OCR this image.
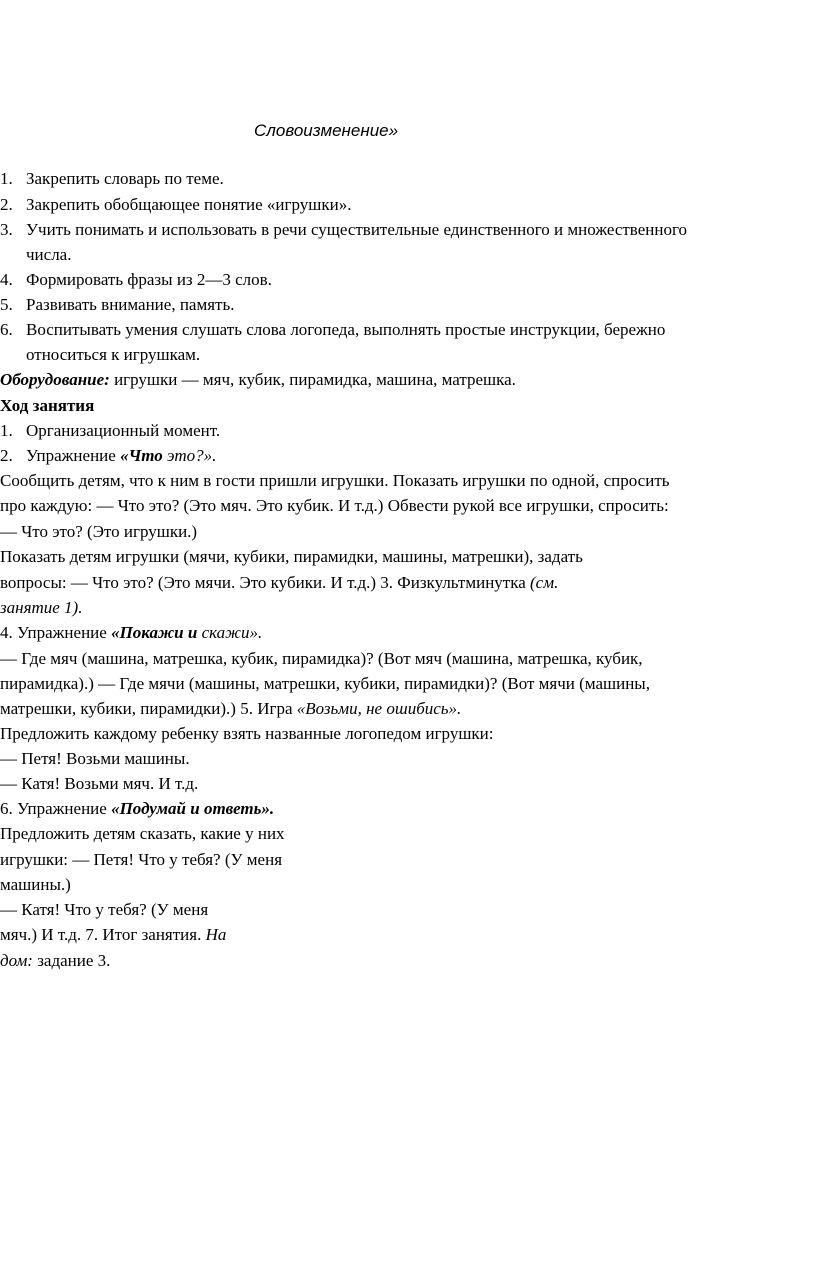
Словоизменение»
1. Закрепить словарь по теме.
2. Закрепить обобщающее понятие «игрушки».
3. Учить понимать и использовать в речи существительные единственного и множественного
числа.
4. Формировать фразы из 2—3 слов.
5. Развивать внимание, память.
6. Воспитывать умения слушать слова логопеда, выполнять простые инструкции, бережно
относиться к игрушкам.
Оборудование: игрушки — мяч, кубик, пирамидка, машина, матрешка.
Ход занятия
1. Организационный момент.
2. Упражнение «Что это?».
Сообщить детям, что к ним в гости пришли игрушки. Показать игрушки по одной, спросить
про каждую: — Что это? (Это мяч. Это кубик. И т.д.) Обвести рукой все игрушки, спросить:
— Что это? (Это игрушки.)
Показать детям игрушки (мячи, кубики, пирамидки, машины, матрешки), задать
вопросы: — Что это? (Это мячи. Это кубики. И т.д.) 3. Физкультминутка (см.
занятие 1).
4. Упражнение «Покажи и скажи».
— Где мяч (машина, матрешка, кубик, пирамидка)? (Вот мяч (машина, матрешка, кубик,
пирамидка).) — Где мячи (машины, матрешки, кубики, пирамидки)? (Вот мячи (машины,
матрешки, кубики, пирамидки).) 5. Игра «Возьми, не ошибись».
Предложить каждому ребенку взять названные логопедом игрушки:
— Петя! Возьми машины.
— Катя! Возьми мяч. И т.д.
6. Упражнение «Подумай и ответь».
Предложить детям сказать, какие у них
игрушки: — Петя! Что у тебя? (У меня
машины.)
— Катя! Что у тебя? (У меня
мяч.) И т.д. 7. Итог занятия. На
дом: задание 3.
